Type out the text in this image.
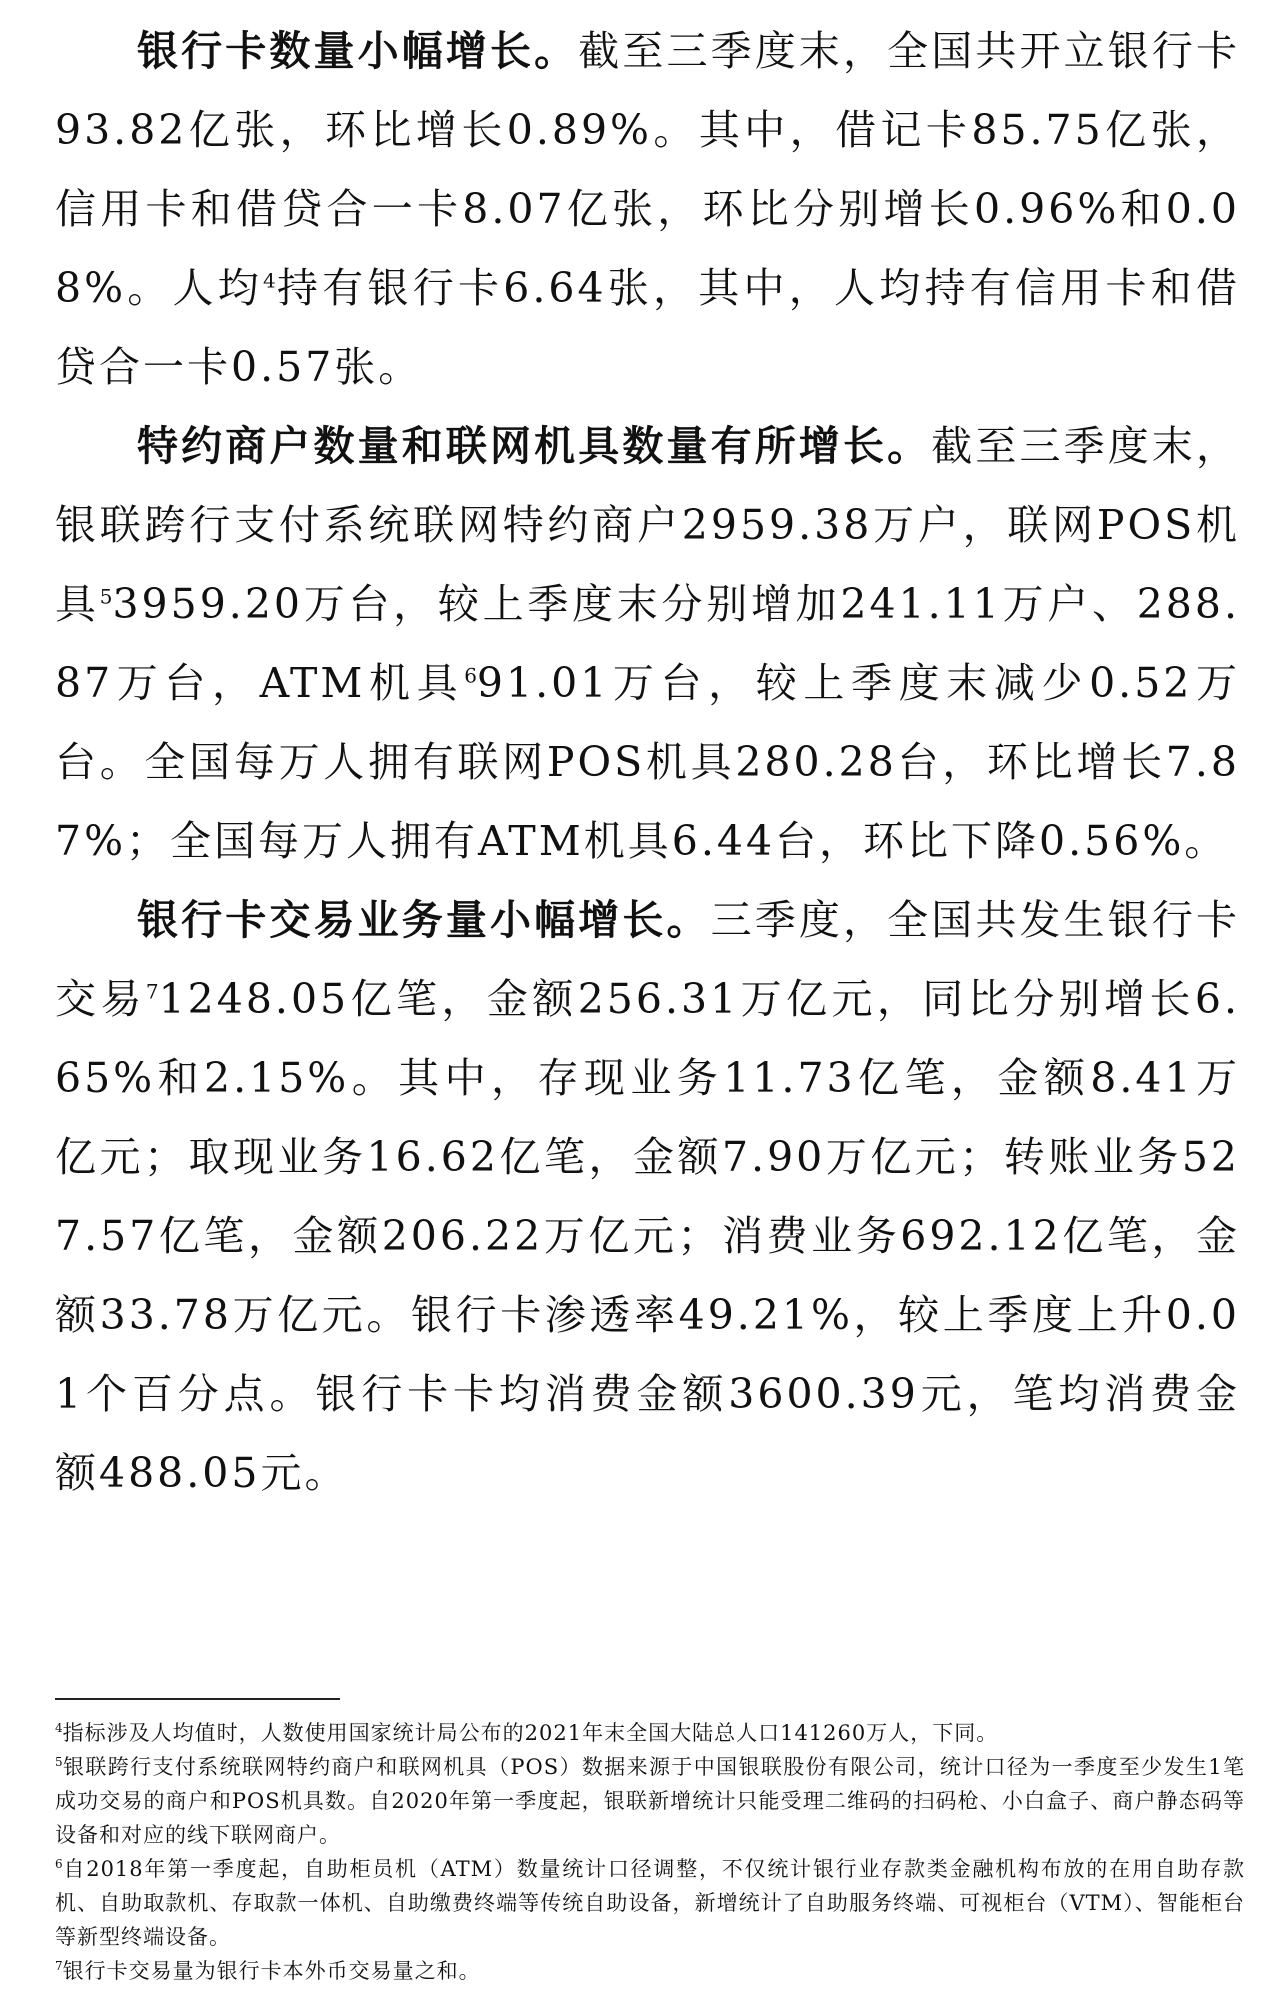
银行卡数量小幅增长。截至三季度末，全国共开立银行卡93.82亿张，环比增长0.89%。其中，借记卡85.75亿张，信用卡和借贷合一卡8.07亿张，环比分别增长0.96%和0.08%。人均$^4$持有银行卡6.64张，其中，人均持有信用卡和借贷合一卡0.57张。

特约商户数量和联网机具数量有所增长。截至三季度末，银联跨行支付系统联网特约商户2959.38万户，联网POS机具$^5$3959.20万台，较上季度末分别增加241.11万户、288.87万台，ATM机具$^6$91.01万台，较上季度末减少0.52万台。全国每万人拥有联网POS机具280.28台，环比增长7.87%；全国每万人拥有ATM机具6.44台，环比下降0.56%。

银行卡交易业务量小幅增长。三季度，全国共发生银行卡交易$^7$1248.05亿笔，金额256.31万亿元，同比分别增长6.65%和2.15%。其中，存现业务11.73亿笔，金额8.41万亿元；取现业务16.62亿笔，金额7.90万亿元；转账业务527.57亿笔，金额206.22万亿元；消费业务692.12亿笔，金额33.78万亿元。银行卡渗透率49.21%，较上季度上升0.01个百分点。银行卡卡均消费金额3600.39元，笔均消费金额488.05元。

$^4$指标涉及人均值时，人数使用国家统计局公布的2021年末全国大陆总人口141260万人，下同。

$^5$银联跨行支付系统联网特约商户和联网机具（POS）数据来源于中国银联股份有限公司，统计口径为一季度至少发生1笔成功交易的商户和POS机具数。自2020年第一季度起，银联新增统计只能受理二维码的扫码枪、小白盒子、商户静态码等设备和对应的线下联网商户。

$^6$自2018年第一季度起，自助柜员机（ATM）数量统计口径调整，不仅统计银行业存款类金融机构布放的在用自助存款机、自助取款机、存取款一体机、自助缴费终端等传统自助设备，新增统计了自助服务终端、可视柜台（VTM）、智能柜台等新型终端设备。

$^7$银行卡交易量为银行卡本外币交易量之和。
